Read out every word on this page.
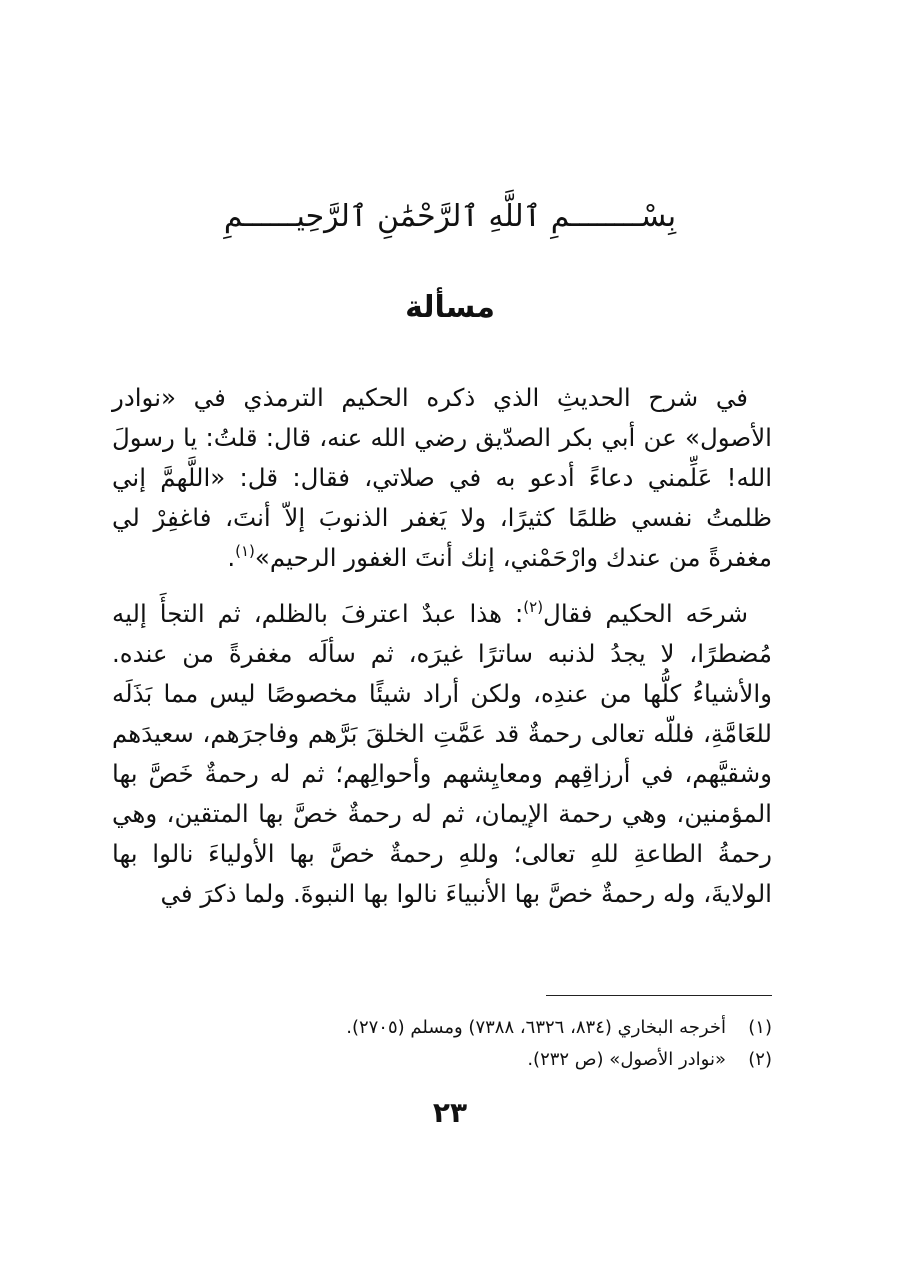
بِسْــــــــمِ ٱللَّهِ ٱلرَّحْمَٰنِ ٱلرَّحِيــــــمِ
مسألة

في شرح الحديثِ الذي ذكره الحكيم الترمذي في «نوادر الأصول» عن أبي بكر الصدّيق رضي الله عنه، قال: قلتُ: يا رسولَ الله! عَلِّمني دعاءً أدعو به في صلاتي، فقال: قل: «اللَّهمَّ إني ظلمتُ نفسي ظلمًا كثيرًا، ولا يَغفر الذنوبَ إلاّ أنتَ، فاغفِرْ لي مغفرةً من عندك وارْحَمْني، إنك أنتَ الغفور الرحيم»$^{(١)}$.

شرحَه الحكيم فقال$^{(٢)}$: هذا عبدٌ اعترفَ بالظلم، ثم التجأَ إليه مُضطرًا، لا يجدُ لذنبه ساترًا غيرَه، ثم سألَه مغفرةً من عنده. والأشياءُ كلُّها من عندِه، ولكن أراد شيئًا مخصوصًا ليس مما بَذَلَه للعَامَّةِ، فللّه تعالى رحمةٌ قد عَمَّتِ الخلقَ بَرَّهم وفاجرَهم، سعيدَهم وشقيَّهم، في أرزاقِهم ومعايِشهم وأحوالِهم؛ ثم له رحمةٌ خَصَّ بها المؤمنين، وهي رحمة الإيمان، ثم له رحمةٌ خصَّ بها المتقين، وهي رحمةُ الطاعةِ للهِ تعالى؛ وللهِ رحمةٌ خصَّ بها الأولياءَ نالوا بها الولايةَ، وله رحمةٌ خصَّ بها الأنبياءَ نالوا بها النبوةَ. ولما ذكرَ في

(١)
أخرجه البخاري (٨٣٤، ٦٣٢٦، ٧٣٨٨) ومسلم (٢٧٠٥).
(٢)
«نوادر الأصول» (ص ٢٣٢).
٢٣
